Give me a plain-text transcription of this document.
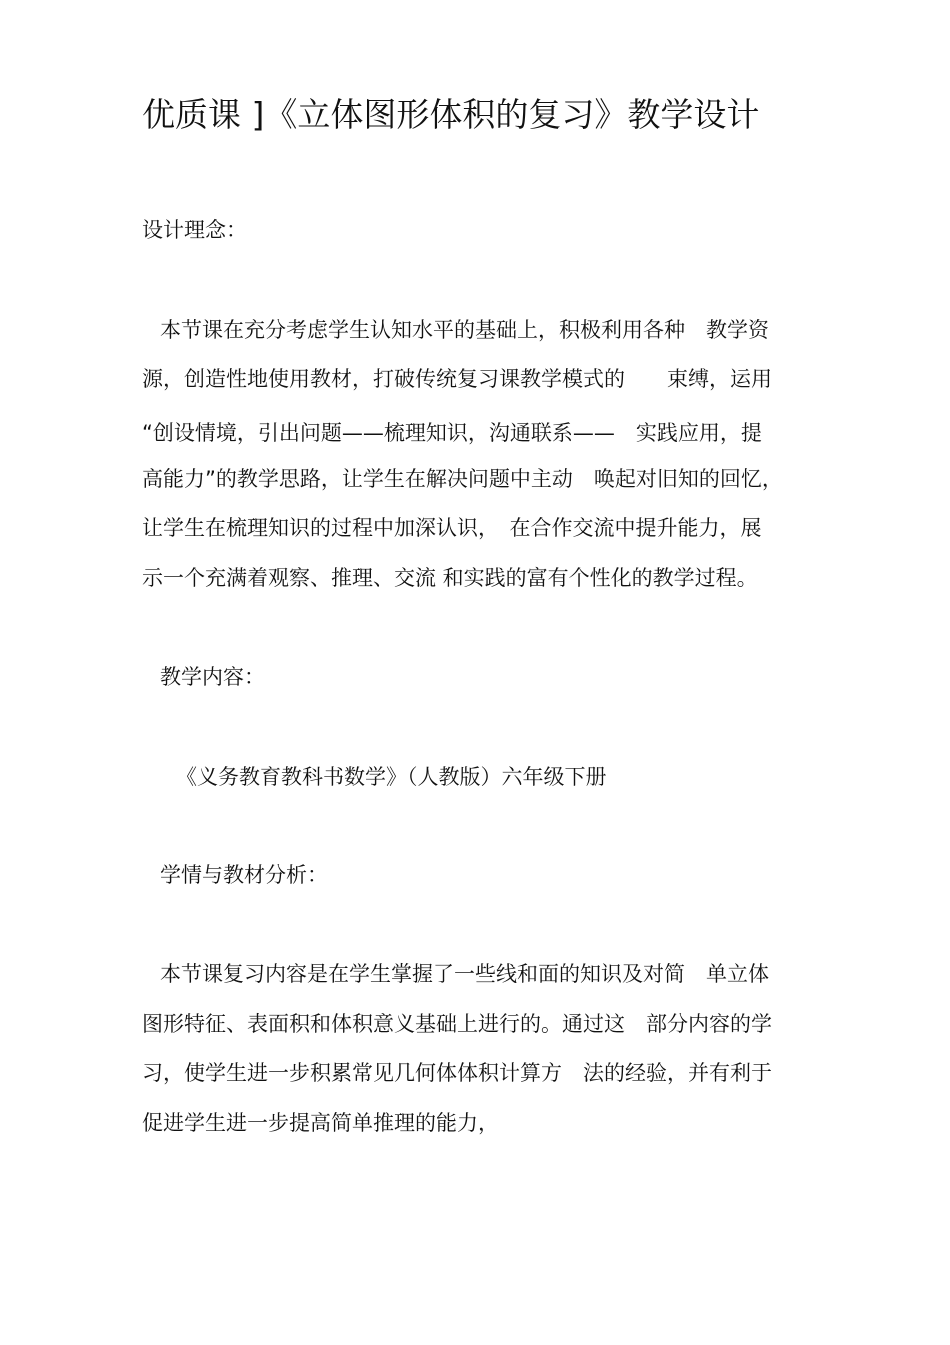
优质课 ]《立体图形体积的复习》教学设计
设计理念：
本节课在充分考虑学生认知水平的基础上，积极利用各种　教学资
源，创造性地使用教材，打破传统复习课教学模式的　　束缚，运用
“创设情境，引出问题——梳理知识，沟通联系——　实践应用，提
高能力”的教学思路，让学生在解决问题中主动　唤起对旧知的回忆，
让学生在梳理知识的过程中加深认识，　在合作交流中提升能力，展
示一个充满着观察、推理、交流 和实践的富有个性化的教学过程。
教学内容：
《义务教育教科书数学》（人教版）六年级下册
学情与教材分析：
本节课复习内容是在学生掌握了一些线和面的知识及对简　单立体
图形特征、表面积和体积意义基础上进行的。通过这　部分内容的学
习，使学生进一步积累常见几何体体积计算方　法的经验，并有利于
促进学生进一步提高简单推理的能力，
